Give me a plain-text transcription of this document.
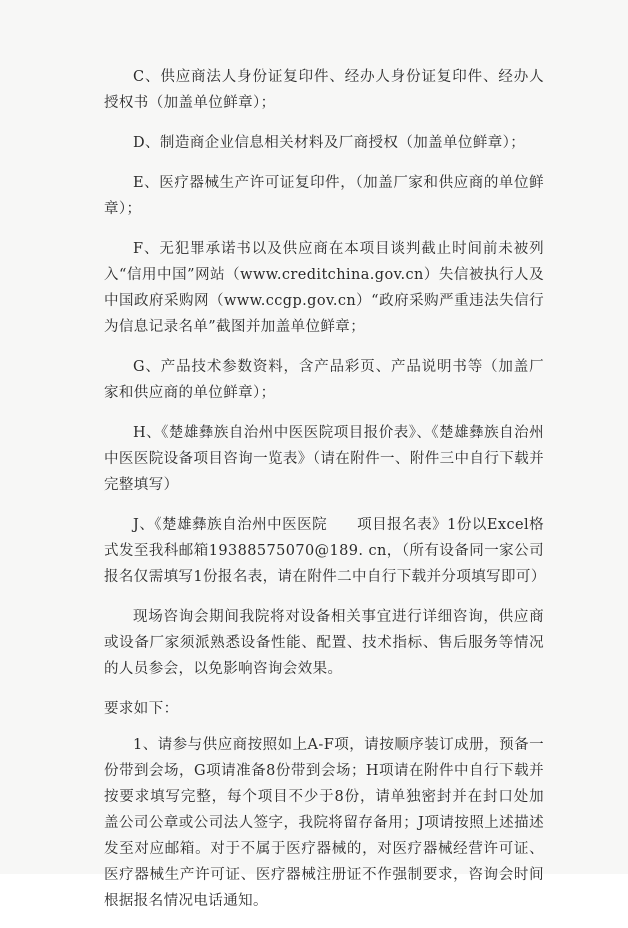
C、供应商法人身份证复印件、经办人身份证复印件、经办人授权书（加盖单位鲜章）；

D、制造商企业信息相关材料及厂商授权（加盖单位鲜章）；

E、医疗器械生产许可证复印件，（加盖厂家和供应商的单位鲜章）；

F、无犯罪承诺书以及供应商在本项目谈判截止时间前未被列入“信用中国”网站（www.creditchina.gov.cn）失信被执行人及中国政府采购网（www.ccgp.gov.cn）“政府采购严重违法失信行为信息记录名单”截图并加盖单位鲜章；

G、产品技术参数资料，含产品彩页、产品说明书等（加盖厂家和供应商的单位鲜章）；

H、《楚雄彝族自治州中医医院项目报价表》、《楚雄彝族自治州中医医院设备项目咨询一览表》（请在附件一、附件三中自行下载并完整填写）

J、《楚雄彝族自治州中医医院　　项目报名表》1份以Excel格式发至我科邮箱19388575070@189. cn，（所有设备同一家公司报名仅需填写1份报名表，请在附件二中自行下载并分项填写即可）

现场咨询会期间我院将对设备相关事宜进行详细咨询，供应商或设备厂家须派熟悉设备性能、配置、技术指标、售后服务等情况的人员参会，以免影响咨询会效果。

要求如下：

1、请参与供应商按照如上A-F项，请按顺序装订成册，预备一份带到会场，G项请准备8份带到会场；H项请在附件中自行下载并按要求填写完整，每个项目不少于8份，请单独密封并在封口处加盖公司公章或公司法人签字，我院将留存备用；J项请按照上述描述发至对应邮箱。对于不属于医疗器械的，对医疗器械经营许可证、医疗器械生产许可证、医疗器械注册证不作强制要求，咨询会时间根据报名情况电话通知。
